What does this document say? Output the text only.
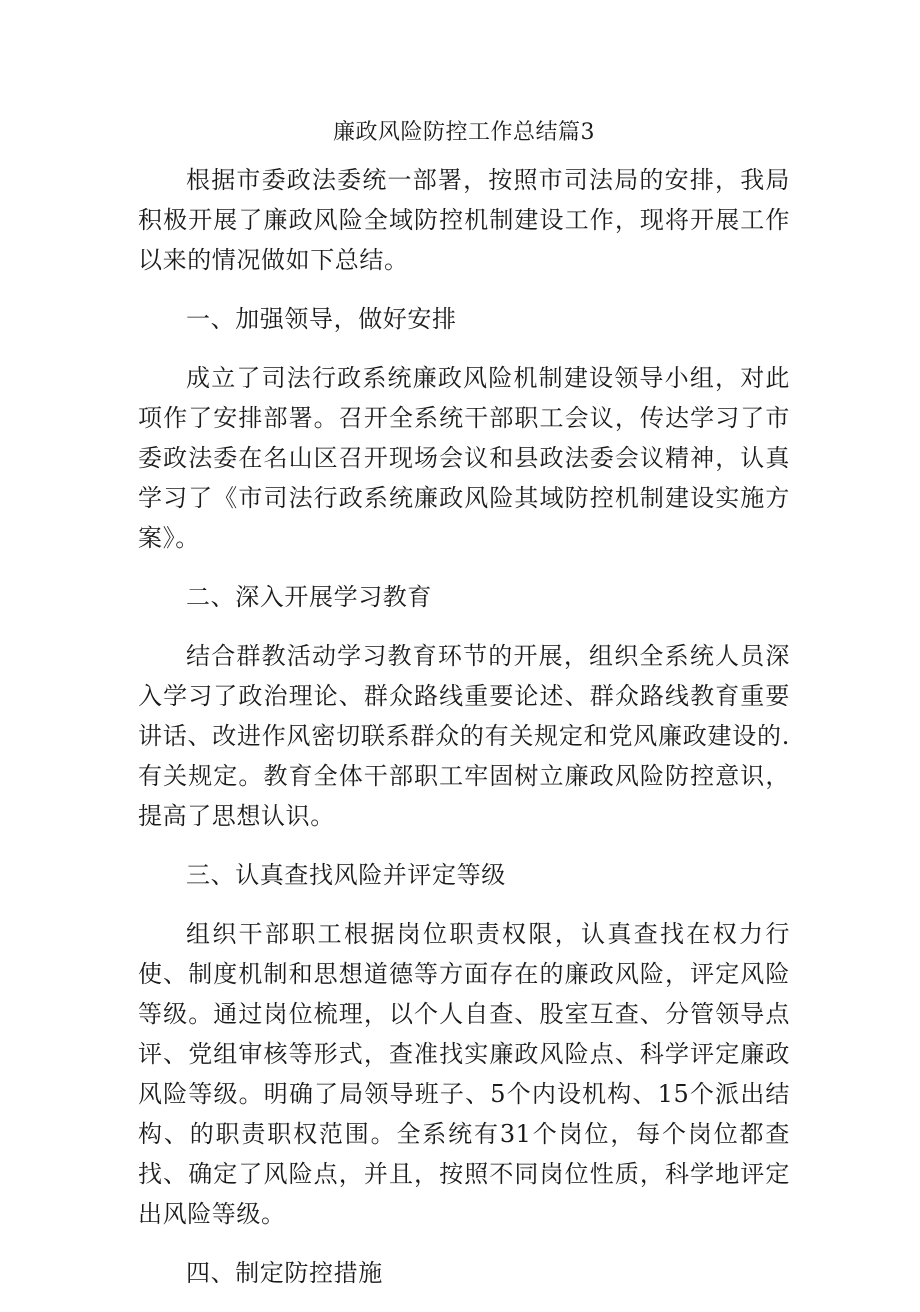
廉政风险防控工作总结篇3

根据市委政法委统一部署，按照市司法局的安排，我局积极开展了廉政风险全域防控机制建设工作，现将开展工作以来的情况做如下总结。

一、加强领导，做好安排

成立了司法行政系统廉政风险机制建设领导小组，对此项作了安排部署。召开全系统干部职工会议，传达学习了市委政法委在名山区召开现场会议和县政法委会议精神，认真学习了《市司法行政系统廉政风险其域防控机制建设实施方案》。

二、深入开展学习教育

结合群教活动学习教育环节的开展，组织全系统人员深入学习了政治理论、群众路线重要论述、群众路线教育重要讲话、改进作风密切联系群众的有关规定和党风廉政建设的.有关规定。教育全体干部职工牢固树立廉政风险防控意识，提高了思想认识。

三、认真查找风险并评定等级

组织干部职工根据岗位职责权限，认真查找在权力行使、制度机制和思想道德等方面存在的廉政风险，评定风险等级。通过岗位梳理，以个人自查、股室互查、分管领导点评、党组审核等形式，查准找实廉政风险点、科学评定廉政风险等级。明确了局领导班子、5个内设机构、15个派出结构、的职责职权范围。全系统有31个岗位，每个岗位都查找、确定了风险点，并且，按照不同岗位性质，科学地评定出风险等级。

四、制定防控措施
